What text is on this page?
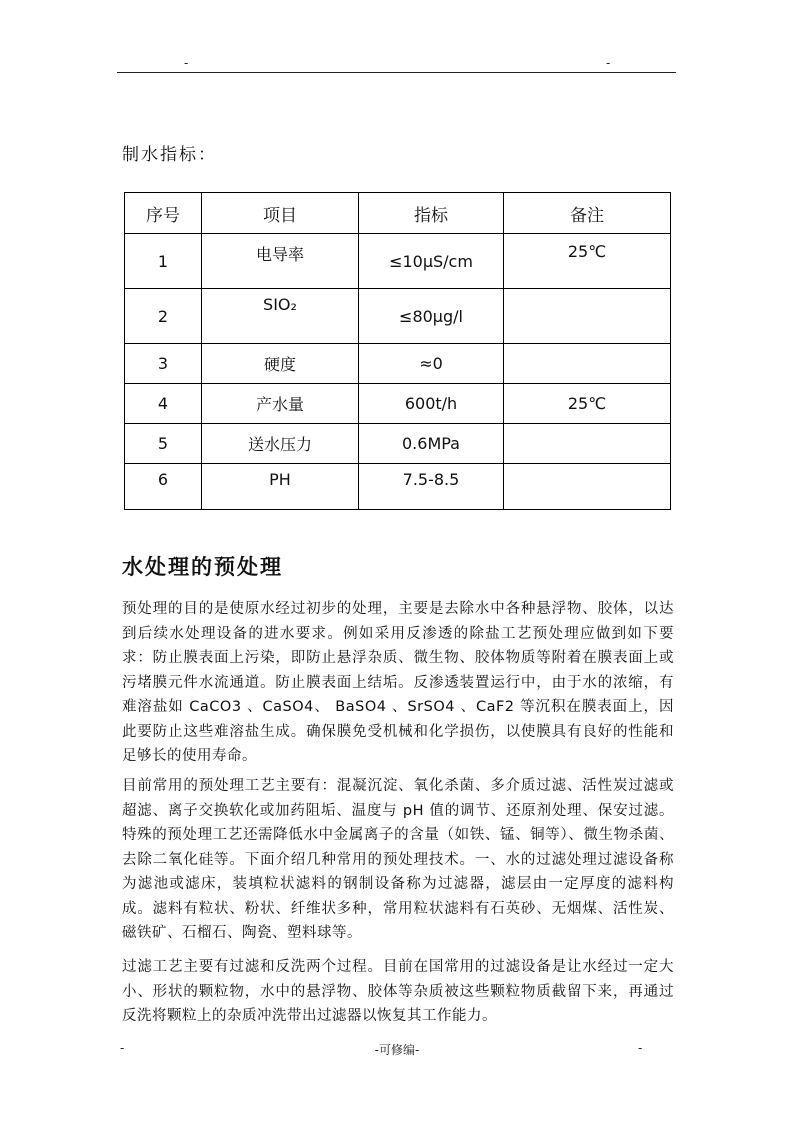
-	-
制水指标：
序号	项目	指标	备注
1	电导率	≤10μS/cm	25℃
2	SIO₂	≤80μg/l	
3	硬度	≈0	
4	产水量	600t/h	25℃
5	送水压力	0.6MPa	
6	PH	7.5-8.5	
水处理的预处理

预处理的目的是使原水经过初步的处理，主要是去除水中各种悬浮物、胶体，以达到后续水处理设备的进水要求。例如采用反渗透的除盐工艺预处理应做到如下要求：防止膜表面上污染，即防止悬浮杂质、微生物、胶体物质等附着在膜表面上或污堵膜元件水流通道。防止膜表面上结垢。反渗透装置运行中，由于水的浓缩，有难溶盐如 CaCO3 、CaSO4、 BaSO4 、SrSO4 、CaF2 等沉积在膜表面上，因此要防止这些难溶盐生成。确保膜免受机械和化学损伤，以使膜具有良好的性能和足够长的使用寿命。

目前常用的预处理工艺主要有：混凝沉淀、氧化杀菌、多介质过滤、活性炭过滤或超滤、离子交换软化或加药阻垢、温度与 pH 值的调节、还原剂处理、保安过滤。特殊的预处理工艺还需降低水中金属离子的含量（如铁、锰、铜等）、微生物杀菌、去除二氧化硅等。下面介绍几种常用的预处理技术。一、水的过滤处理过滤设备称为滤池或滤床，装填粒状滤料的钢制设备称为过滤器，滤层由一定厚度的滤料构成。滤料有粒状、粉状、纤维状多种，常用粒状滤料有石英砂、无烟煤、活性炭、磁铁矿、石榴石、陶瓷、塑料球等。

过滤工艺主要有过滤和反洗两个过程。目前在国常用的过滤设备是让水经过一定大小、形状的颗粒物，水中的悬浮物、胶体等杂质被这些颗粒物质截留下来，再通过反洗将颗粒上的杂质冲洗带出过滤器以恢复其工作能力。

-	-可修编-	-
